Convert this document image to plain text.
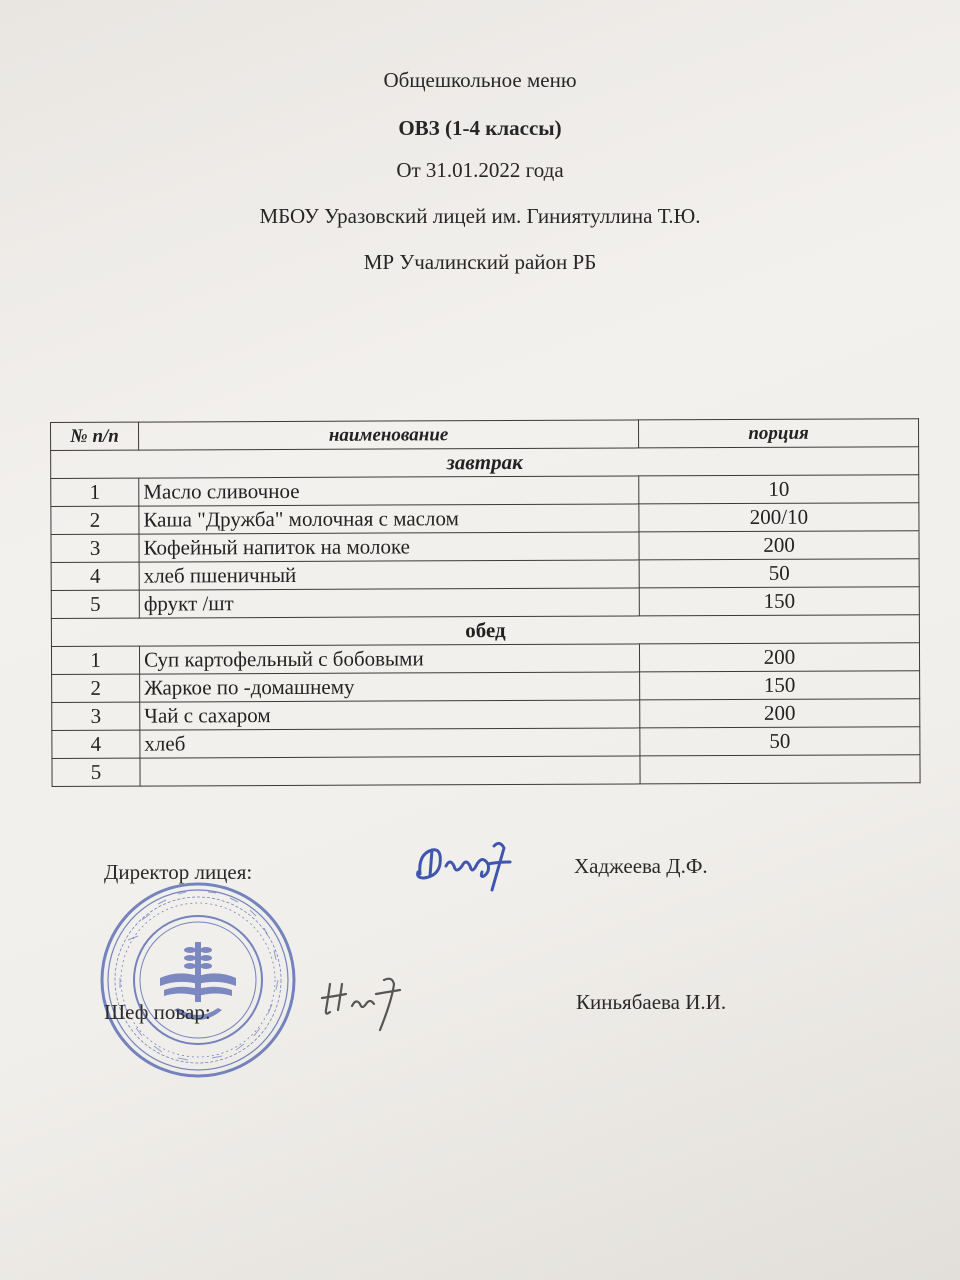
Общешкольное меню
ОВЗ (1-4 классы)
От 31.01.2022 года
МБОУ Уразовский лицей им. Гиниятуллина Т.Ю.
МР Учалинский район РБ
№ п/п	наименование	порция
завтрак		
1	Масло сливочное	10
2	Каша "Дружба" молочная с маслом	200/10
3	Кофейный напиток на молоке	200
4	хлеб пшеничный	50
5	фрукт /шт	150
обед		
1	Суп картофельный с бобовыми	200
2	Жаркое по -домашнему	150
3	Чай с сахаром	200
4	хлеб	50
5		
Директор лицея:	Хаджеева Д.Ф.
Шеф повар:	Киньябаева И.И.
